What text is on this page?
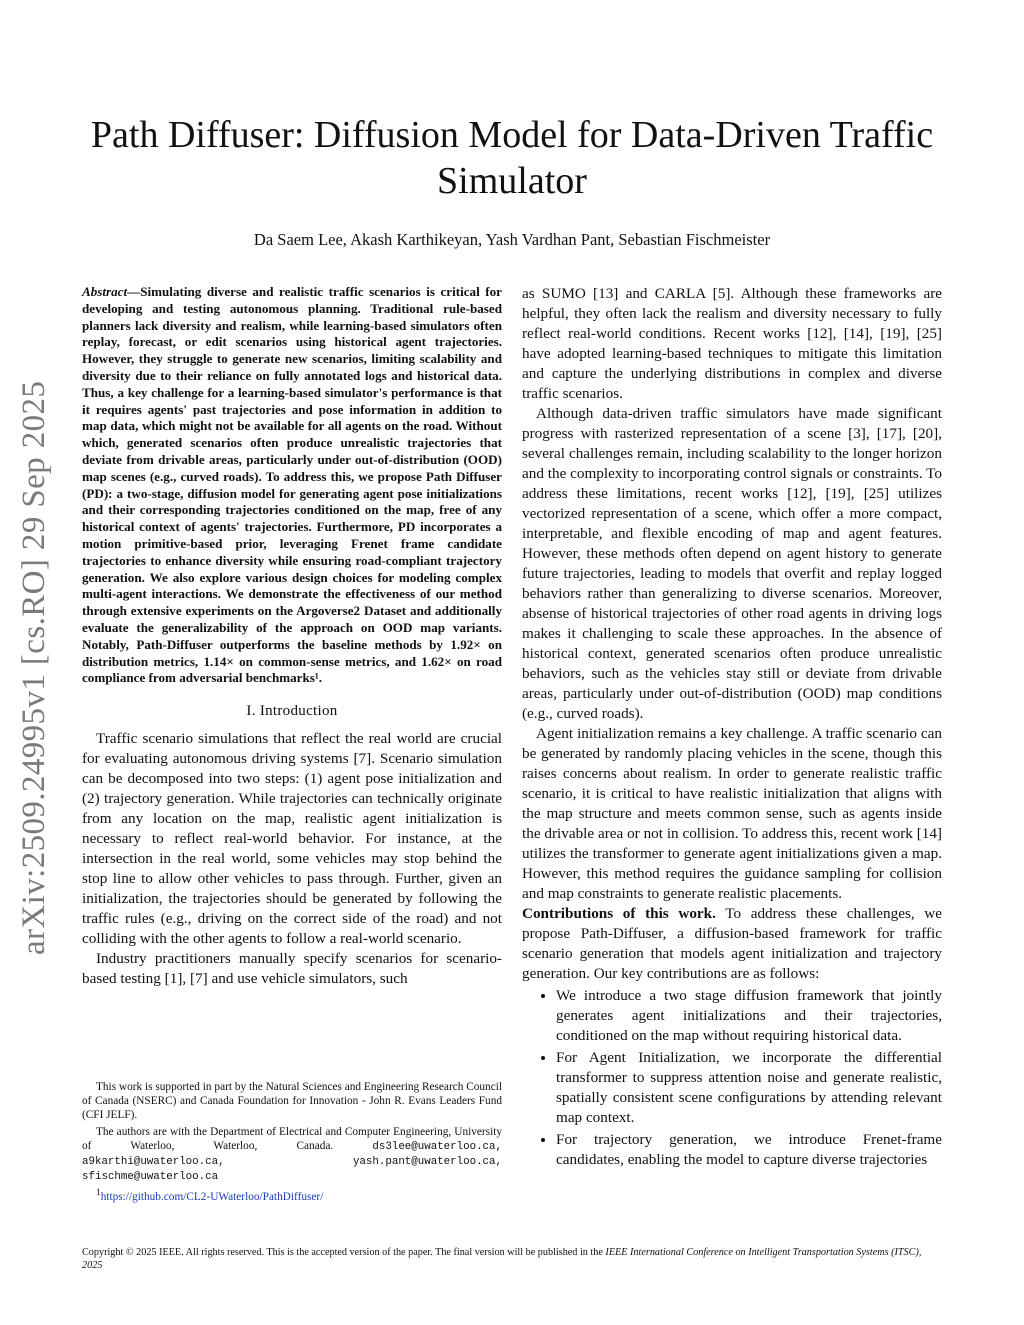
arXiv:2509.24995v1 [cs.RO] 29 Sep 2025
Path Diffuser: Diffusion Model for Data-Driven Traffic Simulator
Da Saem Lee, Akash Karthikeyan, Yash Vardhan Pant, Sebastian Fischmeister
Abstract—Simulating diverse and realistic traffic scenarios is critical for developing and testing autonomous planning. Traditional rule-based planners lack diversity and realism, while learning-based simulators often replay, forecast, or edit scenarios using historical agent trajectories. However, they struggle to generate new scenarios, limiting scalability and diversity due to their reliance on fully annotated logs and historical data. Thus, a key challenge for a learning-based simulator's performance is that it requires agents' past trajectories and pose information in addition to map data, which might not be available for all agents on the road. Without which, generated scenarios often produce unrealistic trajectories that deviate from drivable areas, particularly under out-of-distribution (OOD) map scenes (e.g., curved roads). To address this, we propose Path Diffuser (PD): a two-stage, diffusion model for generating agent pose initializations and their corresponding trajectories conditioned on the map, free of any historical context of agents' trajectories. Furthermore, PD incorporates a motion primitive-based prior, leveraging Frenet frame candidate trajectories to enhance diversity while ensuring road-compliant trajectory generation. We also explore various design choices for modeling complex multi-agent interactions. We demonstrate the effectiveness of our method through extensive experiments on the Argoverse2 Dataset and additionally evaluate the generalizability of the approach on OOD map variants. Notably, Path-Diffuser outperforms the baseline methods by 1.92× on distribution metrics, 1.14× on common-sense metrics, and 1.62× on road compliance from adversarial benchmarks¹.
I. Introduction

Traffic scenario simulations that reflect the real world are crucial for evaluating autonomous driving systems [7]. Scenario simulation can be decomposed into two steps: (1) agent pose initialization and (2) trajectory generation. While trajectories can technically originate from any location on the map, realistic agent initialization is necessary to reflect real-world behavior. For instance, at the intersection in the real world, some vehicles may stop behind the stop line to allow other vehicles to pass through. Further, given an initialization, the trajectories should be generated by following the traffic rules (e.g., driving on the correct side of the road) and not colliding with the other agents to follow a real-world scenario.

Industry practitioners manually specify scenarios for scenario-based testing [1], [7] and use vehicle simulators, such

This work is supported in part by the Natural Sciences and Engineering Research Council of Canada (NSERC) and Canada Foundation for Innovation - John R. Evans Leaders Fund (CFI JELF).

The authors are with the Department of Electrical and Computer Engineering, University of Waterloo, Waterloo, Canada.	ds3lee@uwaterloo.ca, a9karthi@uwaterloo.ca, yash.pant@uwaterloo.ca, sfischme@uwaterloo.ca

$^1$https://github.com/CL2-UWaterloo/PathDiffuser/

as SUMO [13] and CARLA [5]. Although these frameworks are helpful, they often lack the realism and diversity necessary to fully reflect real-world conditions. Recent works [12], [14], [19], [25] have adopted learning-based techniques to mitigate this limitation and capture the underlying distributions in complex and diverse traffic scenarios.

Although data-driven traffic simulators have made significant progress with rasterized representation of a scene [3], [17], [20], several challenges remain, including scalability to the longer horizon and the complexity to incorporating control signals or constraints. To address these limitations, recent works [12], [19], [25] utilizes vectorized representation of a scene, which offer a more compact, interpretable, and flexible encoding of map and agent features. However, these methods often depend on agent history to generate future trajectories, leading to models that overfit and replay logged behaviors rather than generalizing to diverse scenarios. Moreover, absense of historical trajectories of other road agents in driving logs makes it challenging to scale these approaches. In the absence of historical context, generated scenarios often produce unrealistic behaviors, such as the vehicles stay still or deviate from drivable areas, particularly under out-of-distribution (OOD) map conditions (e.g., curved roads).

Agent initialization remains a key challenge. A traffic scenario can be generated by randomly placing vehicles in the scene, though this raises concerns about realism. In order to generate realistic traffic scenario, it is critical to have realistic initialization that aligns with the map structure and meets common sense, such as agents inside the drivable area or not in collision. To address this, recent work [14] utilizes the transformer to generate agent initializations given a map. However, this method requires the guidance sampling for collision and map constraints to generate realistic placements.

Contributions of this work. To address these challenges, we propose Path-Diffuser, a diffusion-based framework for traffic scenario generation that models agent initialization and trajectory generation. Our key contributions are as follows:

• We introduce a two stage diffusion framework that jointly generates agent initializations and their trajectories, conditioned on the map without requiring historical data.
• For Agent Initialization, we incorporate the differential transformer to suppress attention noise and generate realistic, spatially consistent scene configurations by attending relevant map context.
• For trajectory generation, we introduce Frenet-frame candidates, enabling the model to capture diverse trajectories
Copyright © 2025 IEEE. All rights reserved. This is the accepted version of the paper. The final version will be published in the IEEE International Conference on Intelligent Transportation Systems (ITSC), 2025
